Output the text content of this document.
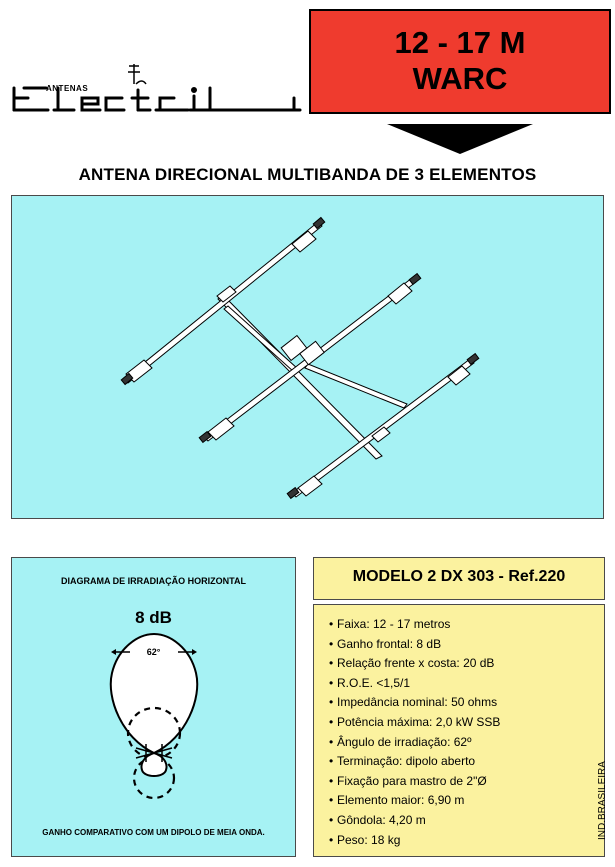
ANTENAS
12 - 17 M
WARC
ANTENA DIRECIONAL MULTIBANDA DE 3 ELEMENTOS
DIAGRAMA DE IRRADIAÇÃO HORIZONTAL
8 dB
62°
GANHO COMPARATIVO COM UM DIPOLO DE MEIA ONDA.
MODELO 2 DX 303 - Ref.220
• Faixa: 12 - 17 metros
• Ganho frontal: 8 dB
• Relação frente x costa: 20 dB
• R.O.E. <1,5/1
• Impedância nominal: 50 ohms
• Potência máxima: 2,0 kW SSB
• Ângulo de irradiação: 62º
• Terminação: dipolo aberto
• Fixação para mastro de 2"Ø
• Elemento maior: 6,90 m
• Gôndola: 4,20 m
• Peso: 18 kg	IND.BRASILEIRA
